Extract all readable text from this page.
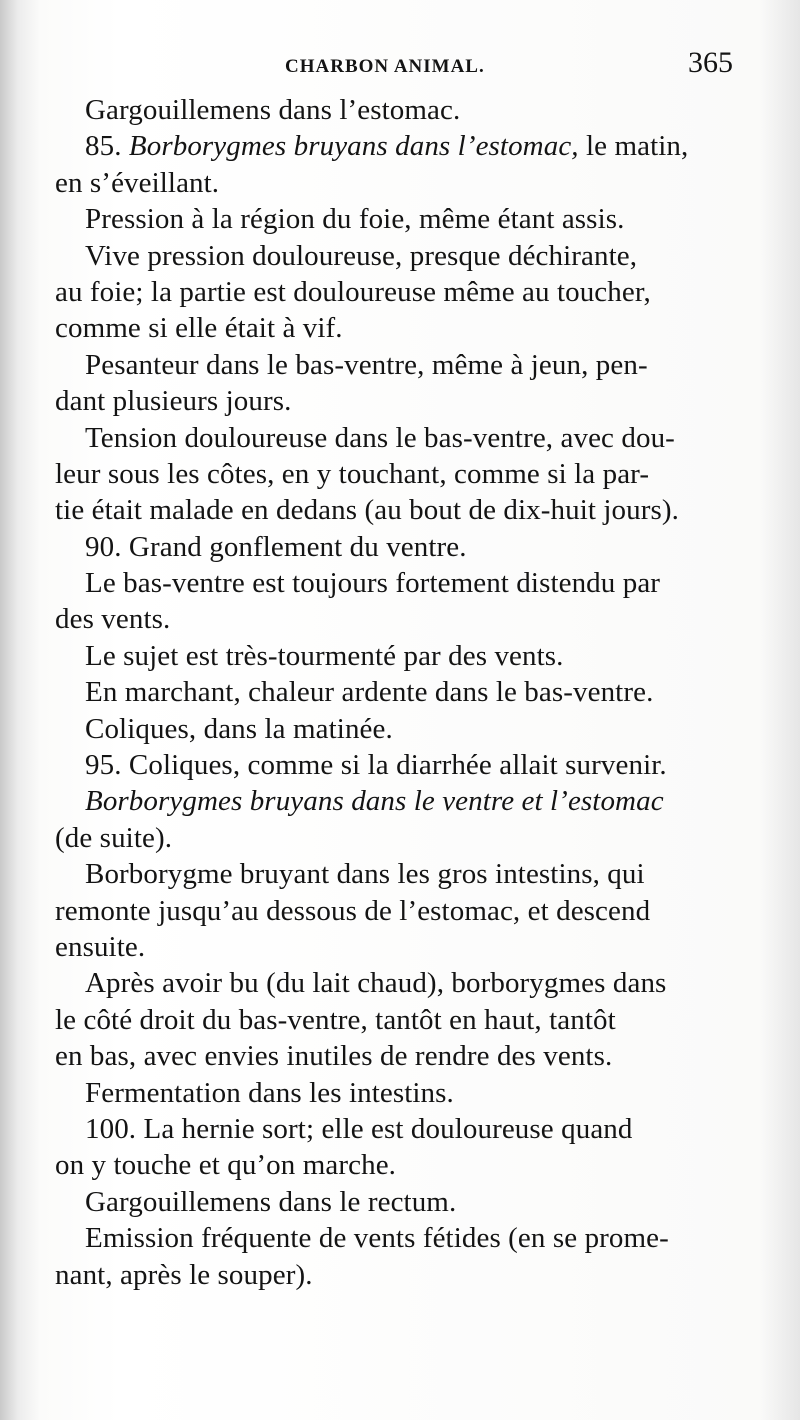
CHARBON ANIMAL.	365
Gargouillemens dans l’estomac.
85. Borborygmes bruyans dans l’estomac, le matin,
en s’éveillant.
Pression à la région du foie, même étant assis.
Vive pression douloureuse, presque déchirante,
au foie; la partie est douloureuse même au toucher,
comme si elle était à vif.
Pesanteur dans le bas-ventre, même à jeun, pen-
dant plusieurs jours.
Tension douloureuse dans le bas-ventre, avec dou-
leur sous les côtes, en y touchant, comme si la par-
tie était malade en dedans (au bout de dix-huit jours).
90. Grand gonflement du ventre.
Le bas-ventre est toujours fortement distendu par
des vents.
Le sujet est très-tourmenté par des vents.
En marchant, chaleur ardente dans le bas-ventre.
Coliques, dans la matinée.
95. Coliques, comme si la diarrhée allait survenir.
Borborygmes bruyans dans le ventre et l’estomac
(de suite).
Borborygme bruyant dans les gros intestins, qui
remonte jusqu’au dessous de l’estomac, et descend
ensuite.
Après avoir bu (du lait chaud), borborygmes dans
le côté droit du bas-ventre, tantôt en haut, tantôt
en bas, avec envies inutiles de rendre des vents.
Fermentation dans les intestins.
100. La hernie sort; elle est douloureuse quand
on y touche et qu’on marche.
Gargouillemens dans le rectum.
Emission fréquente de vents fétides (en se prome-
nant, après le souper).
